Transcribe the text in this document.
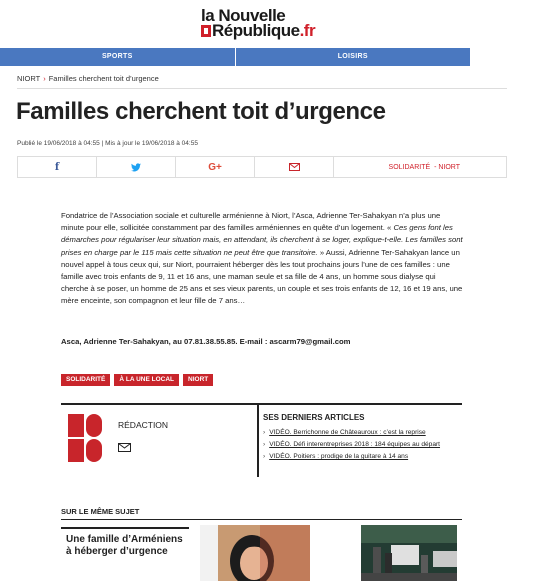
la Nouvelle
République.fr
SPORTS	LOISIRS
NIORT › Familles cherchent toit d’urgence
Familles cherchent toit d’urgence
Publié le 19/06/2018 à 04:55 | Mis à jour le 19/06/2018 à 04:55
f	G+	SOLIDARITÉ
- NIORT
Fondatrice de l’Association sociale et culturelle arménienne à Niort, l’Asca, Adrienne Ter-Sahakyan n’a plus une minute pour elle, sollicitée constamment par des familles arméniennes en quête d’un logement. « Ces gens font les démarches pour régulariser leur situation mais, en attendant, ils cherchent à se loger, explique-t-elle. Les familles sont prises en charge par le 115 mais cette situation ne peut être que transitoire. » Aussi, Adrienne Ter-Sahakyan lance un nouvel appel à tous ceux qui, sur Niort, pourraient héberger dès les tout prochains jours l’une de ces familles : une famille avec trois enfants de 9, 11 et 16 ans, une maman seule et sa fille de 4 ans, un homme sous dialyse qui cherche à se poser, un homme de 25 ans et ses vieux parents, un couple et ses trois enfants de 12, 16 et 19 ans, une mère enceinte, son compagnon et leur fille de 7 ans…
Asca, Adrienne Ter-Sahakyan, au 07.81.38.55.85. E-mail : ascarm79@gmail.com
SOLIDARITÉ	À LA UNE LOCAL	NIORT
RÉDACTION
SES DERNIERS ARTICLES
› VIDÉO. Berrichonne de Châteauroux : c’est la reprise
› VIDÉO. Défi interentreprises 2018 : 184 équipes au départ
› VIDÉO. Poitiers : prodige de la guitare à 14 ans
SUR LE MÊME SUJET
Une famille d’Arméniens à héberger d’urgence
